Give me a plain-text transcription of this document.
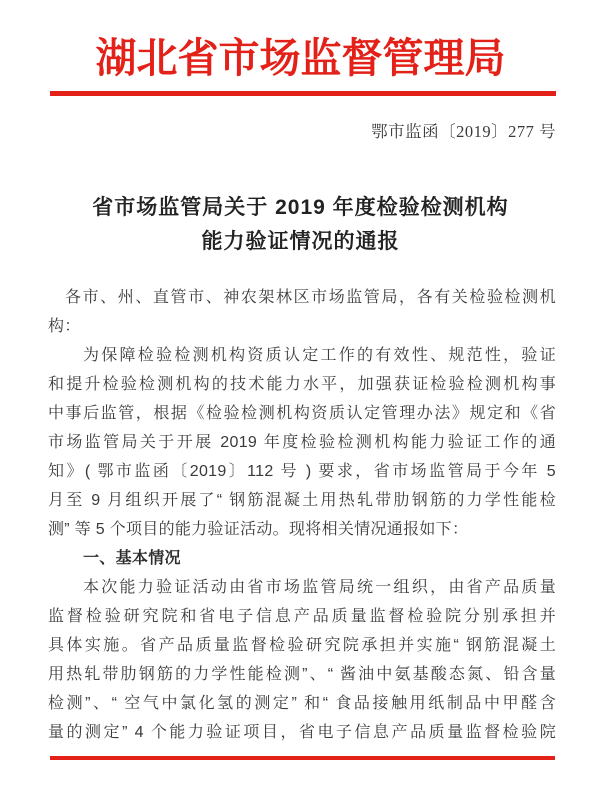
湖北省市场监督管理局
鄂市监函〔2019〕277 号
省市场监管局关于 2019 年度检验检测机构
能力验证情况的通报
各市、州、直管市、神农架林区市场监管局，各有关检验检测机
构：
为保障检验检测机构资质认定工作的有效性、规范性，验证
和提升检验检测机构的技术能力水平，加强获证检验检测机构事
中事后监管，根据《检验检测机构资质认定管理办法》规定和《省
市场监管局关于开展 2019 年度检验检测机构能力验证工作的通
知》( 鄂市监函〔2019〕112 号 ) 要求，省市场监管局于今年 5
月至 9 月组织开展了“ 钢筋混凝土用热轧带肋钢筋的力学性能检
测” 等 5 个项目的能力验证活动。现将相关情况通报如下：
一、基本情况
本次能力验证活动由省市场监管局统一组织，由省产品质量
监督检验研究院和省电子信息产品质量监督检验院分别承担并
具体实施。省产品质量监督检验研究院承担并实施“ 钢筋混凝土
用热轧带肋钢筋的力学性能检测”、“ 酱油中氨基酸态氮、铅含量
检测”、“ 空气中氯化氢的测定” 和“ 食品接触用纸制品中甲醛含
量的测定” 4 个能力验证项目，省电子信息产品质量监督检验院
